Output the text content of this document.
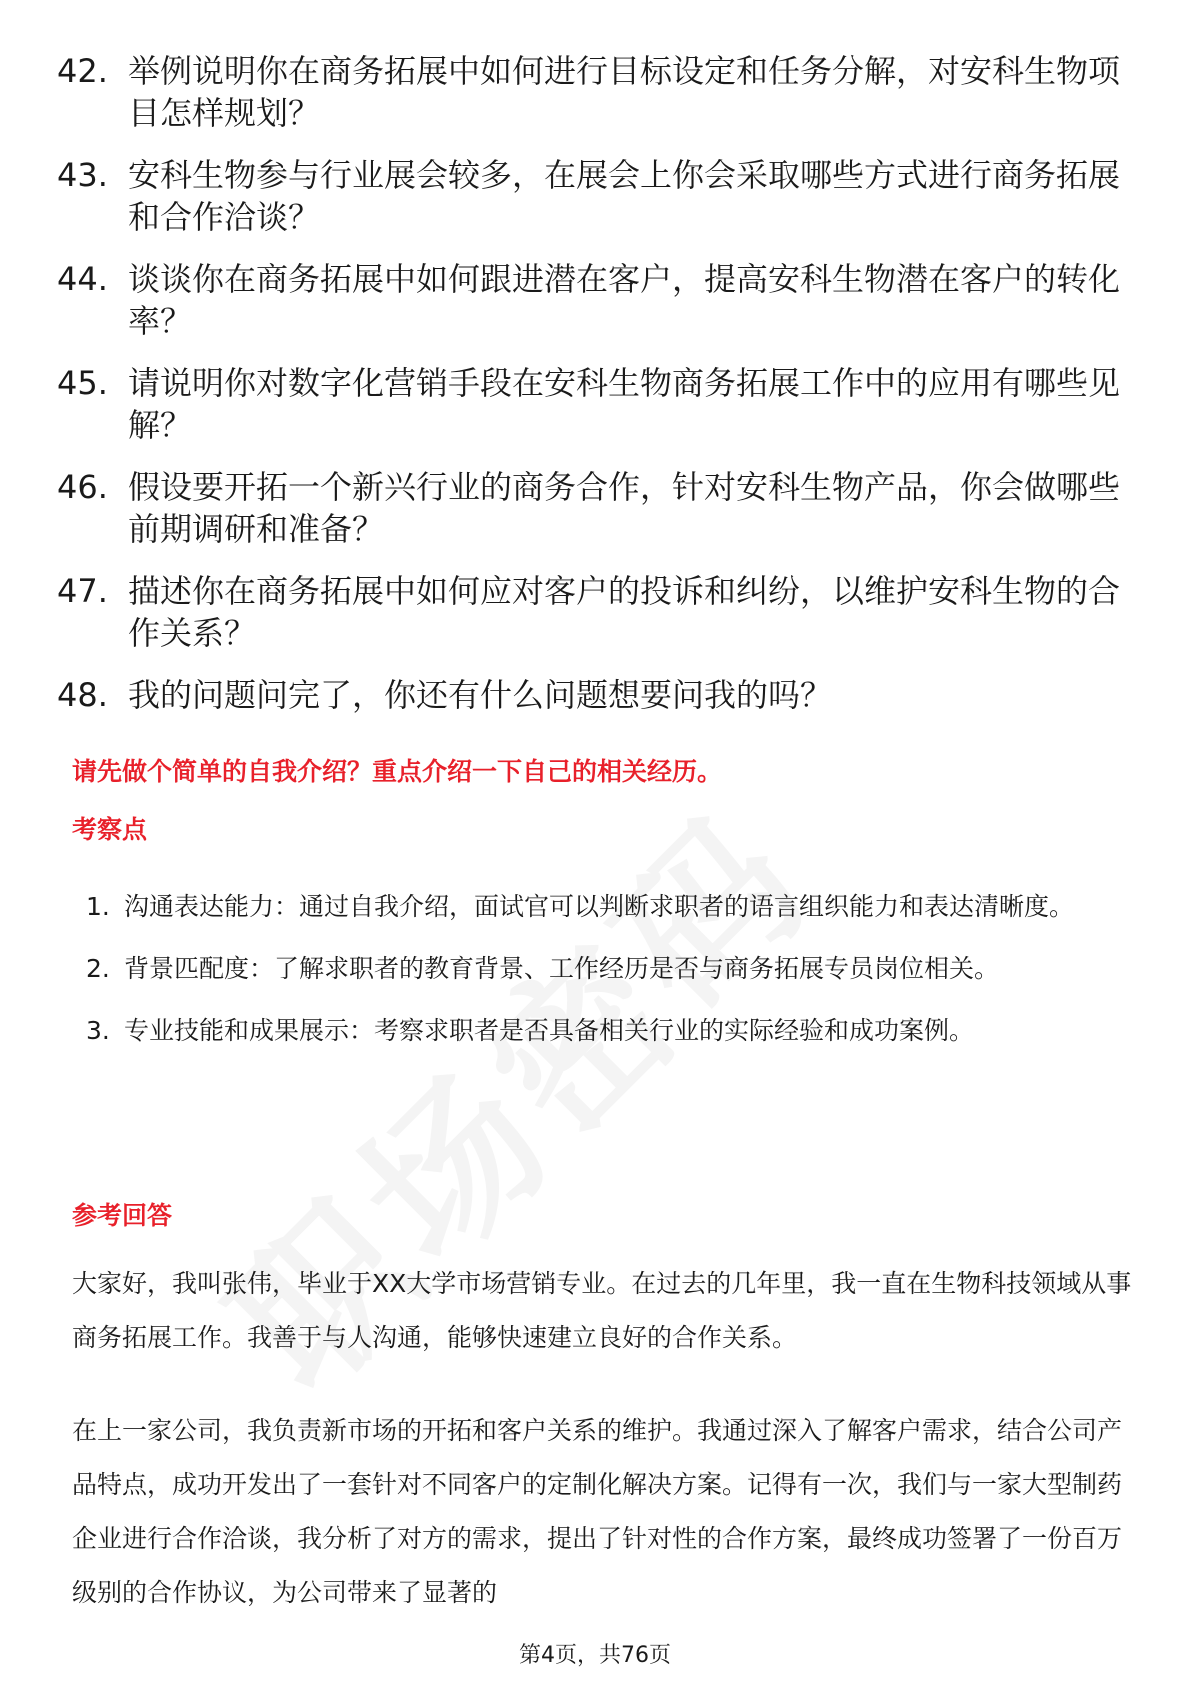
42. 举例说明你在商务拓展中如何进行目标设定和任务分解，对安科生物项目怎样规划？
43. 安科生物参与行业展会较多，在展会上你会采取哪些方式进行商务拓展和合作洽谈？
44. 谈谈你在商务拓展中如何跟进潜在客户，提高安科生物潜在客户的转化率？
45. 请说明你对数字化营销手段在安科生物商务拓展工作中的应用有哪些见解？
46. 假设要开拓一个新兴行业的商务合作，针对安科生物产品，你会做哪些前期调研和准备？
47. 描述你在商务拓展中如何应对客户的投诉和纠纷，以维护安科生物的合作关系？
48. 我的问题问完了，你还有什么问题想要问我的吗？
请先做个简单的自我介绍？重点介绍一下自己的相关经历。
考察点
1. 沟通表达能力：通过自我介绍，面试官可以判断求职者的语言组织能力和表达清晰度。
2. 背景匹配度：了解求职者的教育背景、工作经历是否与商务拓展专员岗位相关。
3. 专业技能和成果展示：考察求职者是否具备相关行业的实际经验和成功案例。
参考回答
大家好，我叫张伟，毕业于XX大学市场营销专业。在过去的几年里，我一直在生物科技领域从事商务拓展工作。我善于与人沟通，能够快速建立良好的合作关系。
在上一家公司，我负责新市场的开拓和客户关系的维护。我通过深入了解客户需求，结合公司产品特点，成功开发出了一套针对不同客户的定制化解决方案。记得有一次，我们与一家大型制药企业进行合作洽谈，我分析了对方的需求，提出了针对性的合作方案，最终成功签署了一份百万级别的合作协议，为公司带来了显著的
第4页，共76页
